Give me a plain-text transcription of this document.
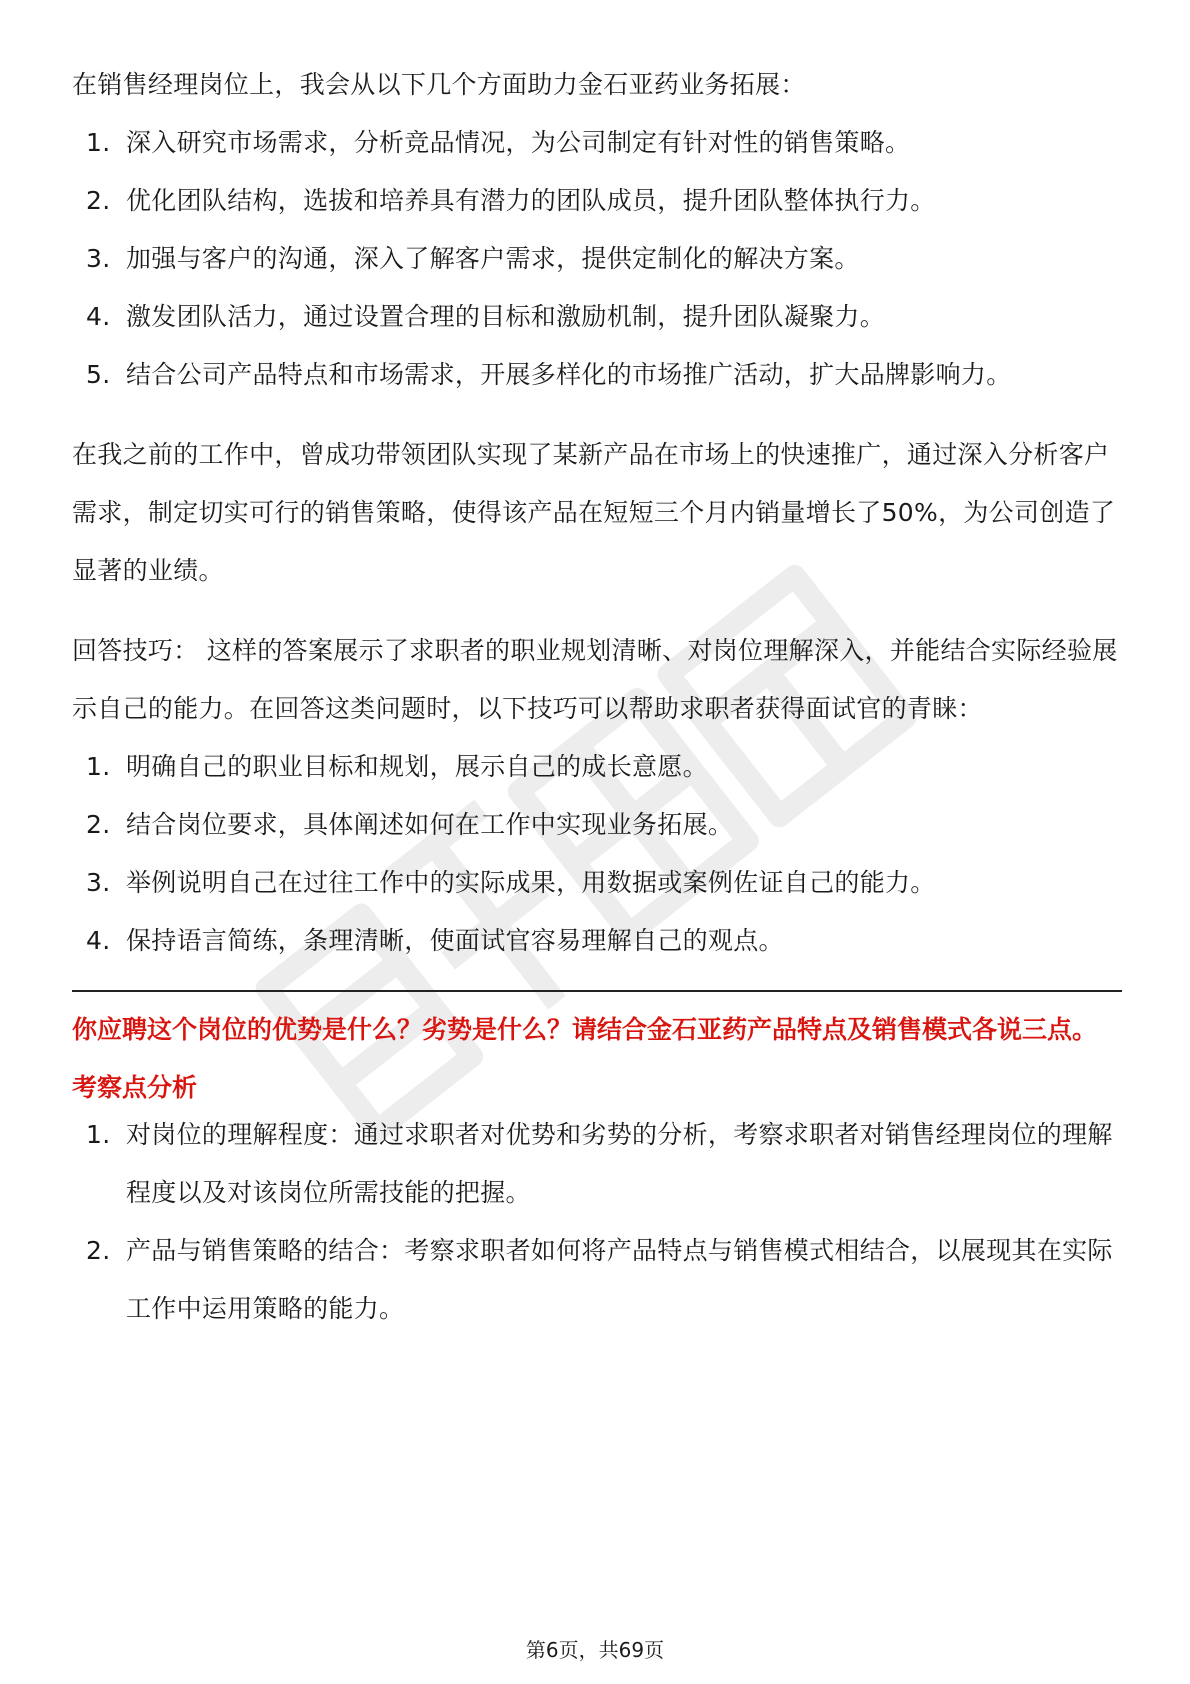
在销售经理岗位上，我会从以下几个方面助力金石亚药业务拓展：

1. 深入研究市场需求，分析竞品情况，为公司制定有针对性的销售策略。
2. 优化团队结构，选拔和培养具有潜力的团队成员，提升团队整体执行力。
3. 加强与客户的沟通，深入了解客户需求，提供定制化的解决方案。
4. 激发团队活力，通过设置合理的目标和激励机制，提升团队凝聚力。
5. 结合公司产品特点和市场需求，开展多样化的市场推广活动，扩大品牌影响力。

在我之前的工作中，曾成功带领团队实现了某新产品在市场上的快速推广，通过深入分析客户需求，制定切实可行的销售策略，使得该产品在短短三个月内销量增长了50%，为公司创造了显著的业绩。

回答技巧： 这样的答案展示了求职者的职业规划清晰、对岗位理解深入，并能结合实际经验展示自己的能力。在回答这类问题时，以下技巧可以帮助求职者获得面试官的青睐：

1. 明确自己的职业目标和规划，展示自己的成长意愿。
2. 结合岗位要求，具体阐述如何在工作中实现业务拓展。
3. 举例说明自己在过往工作中的实际成果，用数据或案例佐证自己的能力。
4. 保持语言简练，条理清晰，使面试官容易理解自己的观点。
你应聘这个岗位的优势是什么？劣势是什么？请结合金石亚药产品特点及销售模式各说三点。
考察点分析
1. 对岗位的理解程度：通过求职者对优势和劣势的分析，考察求职者对销售经理岗位的理解程度以及对该岗位所需技能的把握。
2. 产品与销售策略的结合：考察求职者如何将产品特点与销售模式相结合，以展现其在实际工作中运用策略的能力。
第6页，共69页
